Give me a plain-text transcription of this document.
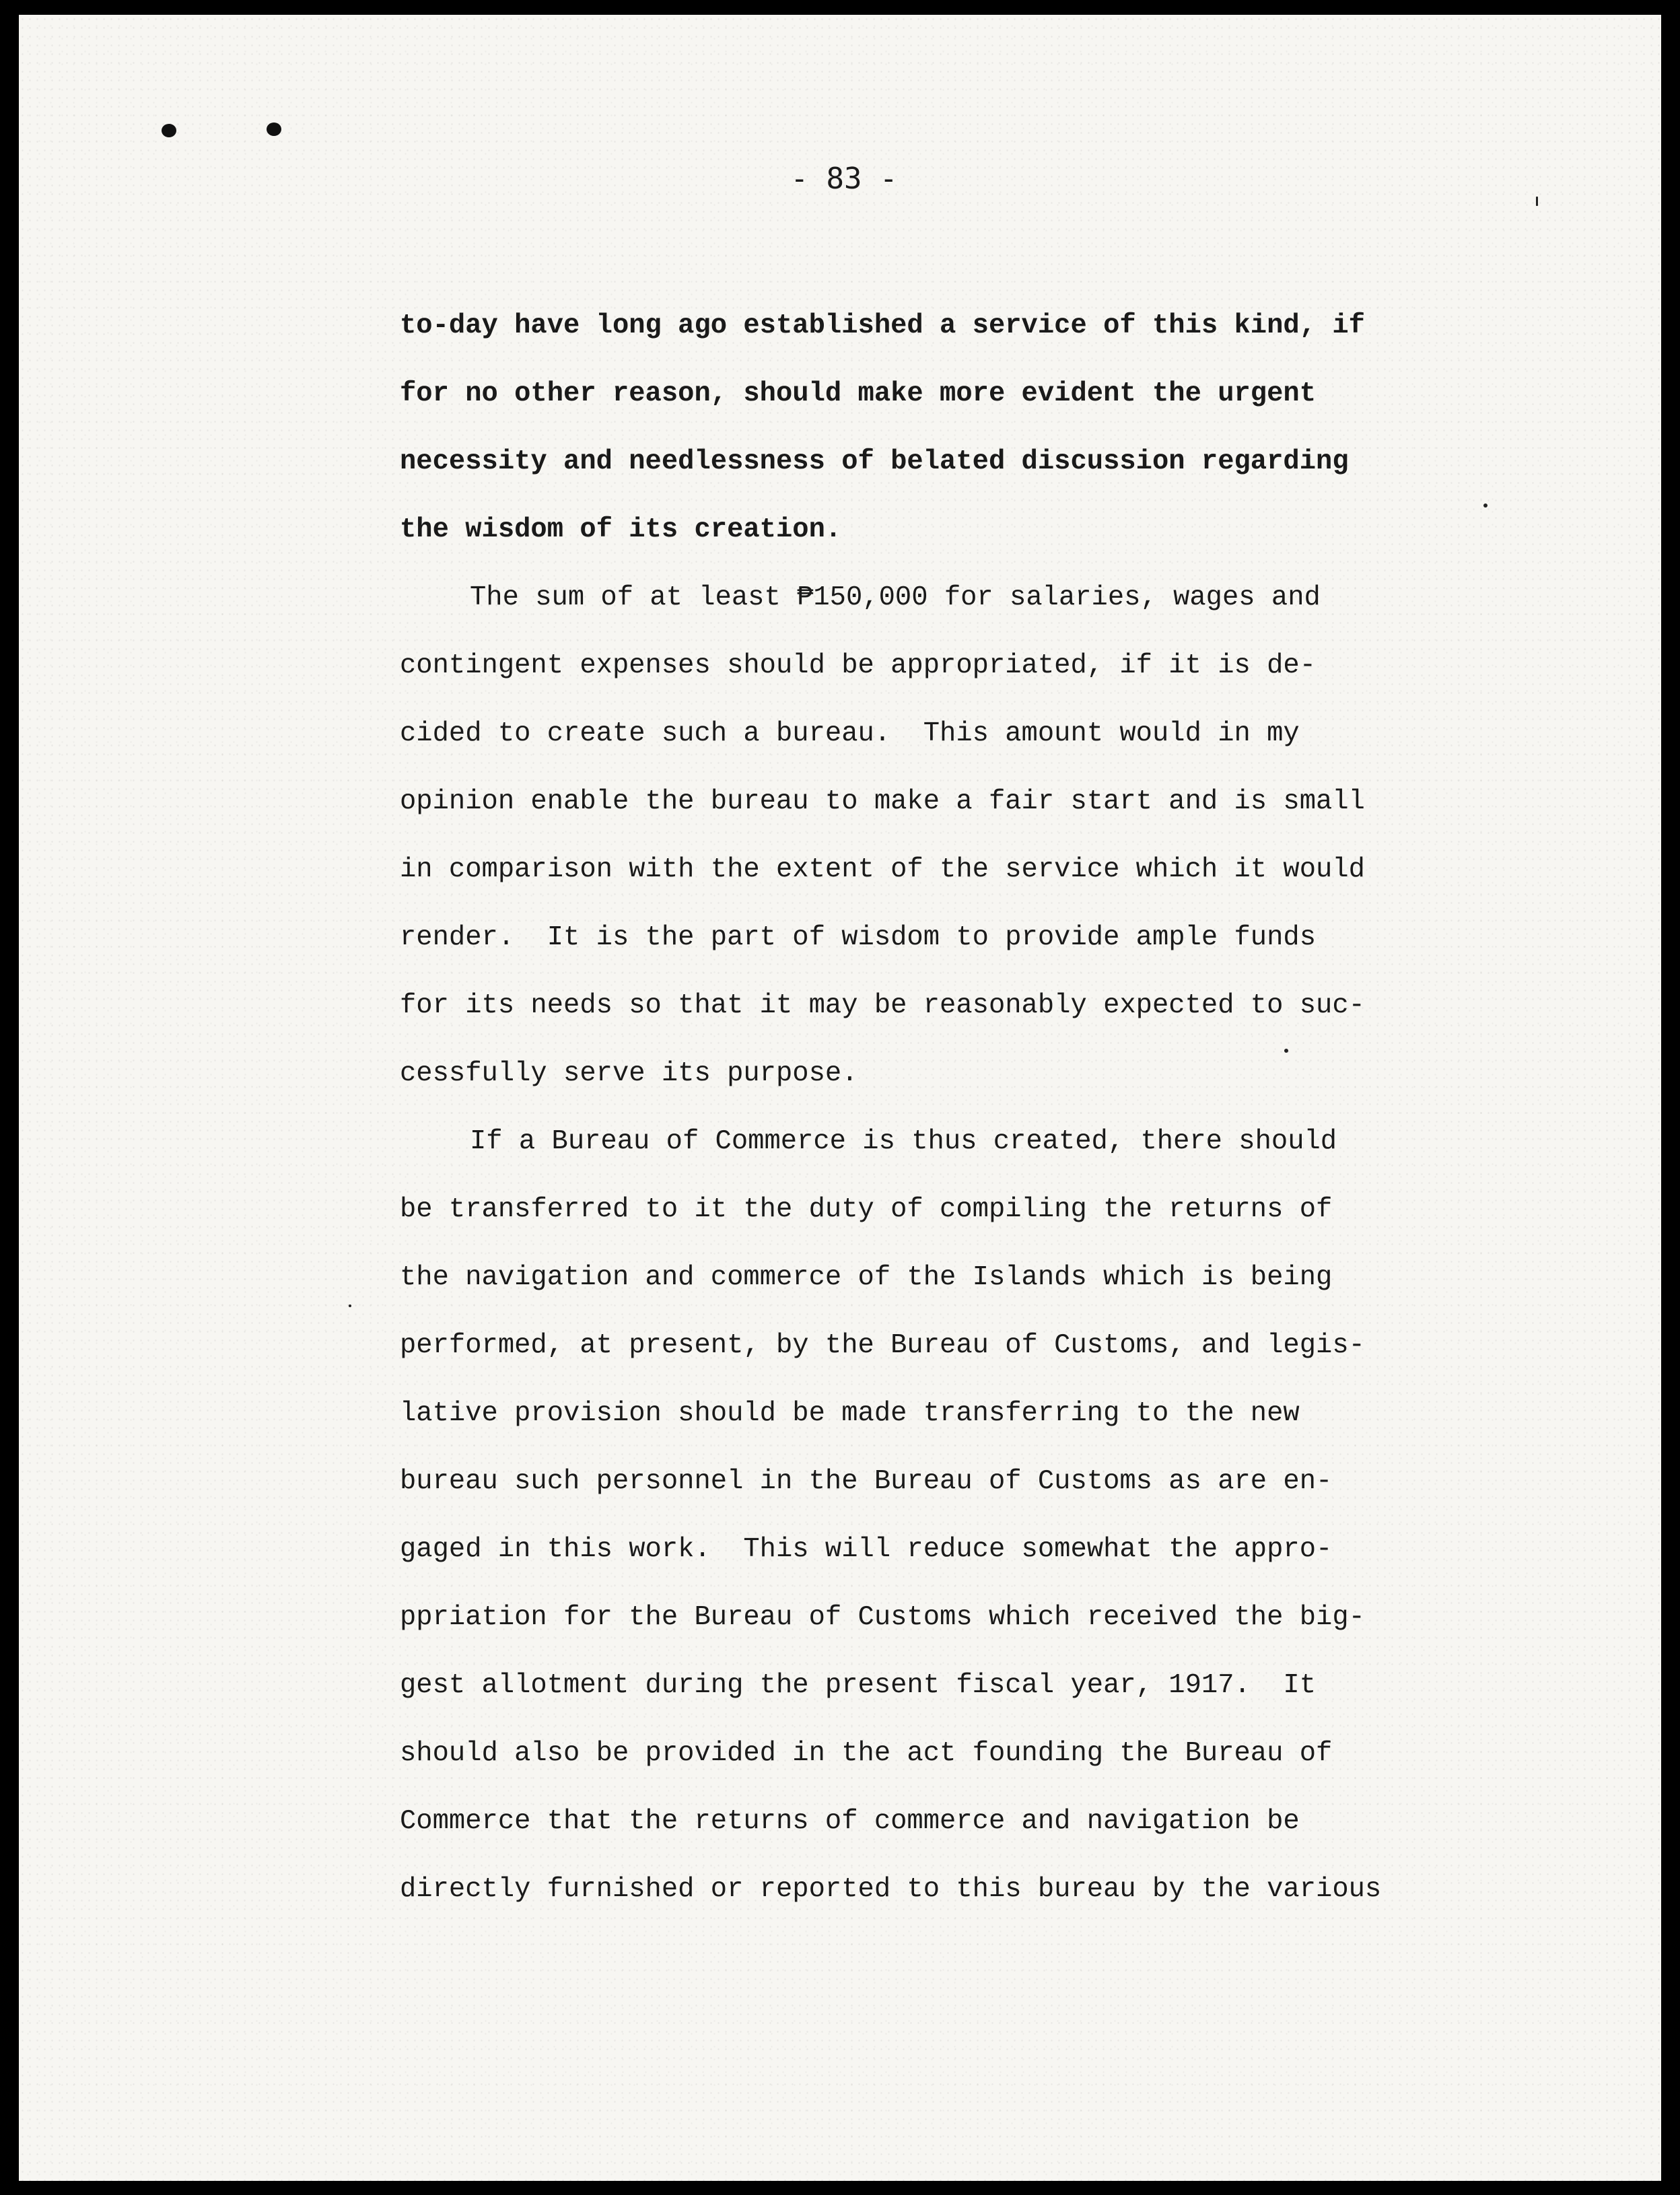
- 83 -
to-day have long ago established a service of this kind, if
for no other reason, should make more evident the urgent
necessity and needlessness of belated discussion regarding
the wisdom of its creation.
The sum of at least ₱150,000 for salaries, wages and
contingent expenses should be appropriated, if it is de-
cided to create such a bureau.  This amount would in my
opinion enable the bureau to make a fair start and is small
in comparison with the extent of the service which it would
render.  It is the part of wisdom to provide ample funds
for its needs so that it may be reasonably expected to suc-
cessfully serve its purpose.
If a Bureau of Commerce is thus created, there should
be transferred to it the duty of compiling the returns of
the navigation and commerce of the Islands which is being
performed, at present, by the Bureau of Customs, and legis-
lative provision should be made transferring to the new
bureau such personnel in the Bureau of Customs as are en-
gaged in this work.  This will reduce somewhat the appro-
ppriation for the Bureau of Customs which received the big-
gest allotment during the present fiscal year, 1917.  It
should also be provided in the act founding the Bureau of
Commerce that the returns of commerce and navigation be
directly furnished or reported to this bureau by the various
